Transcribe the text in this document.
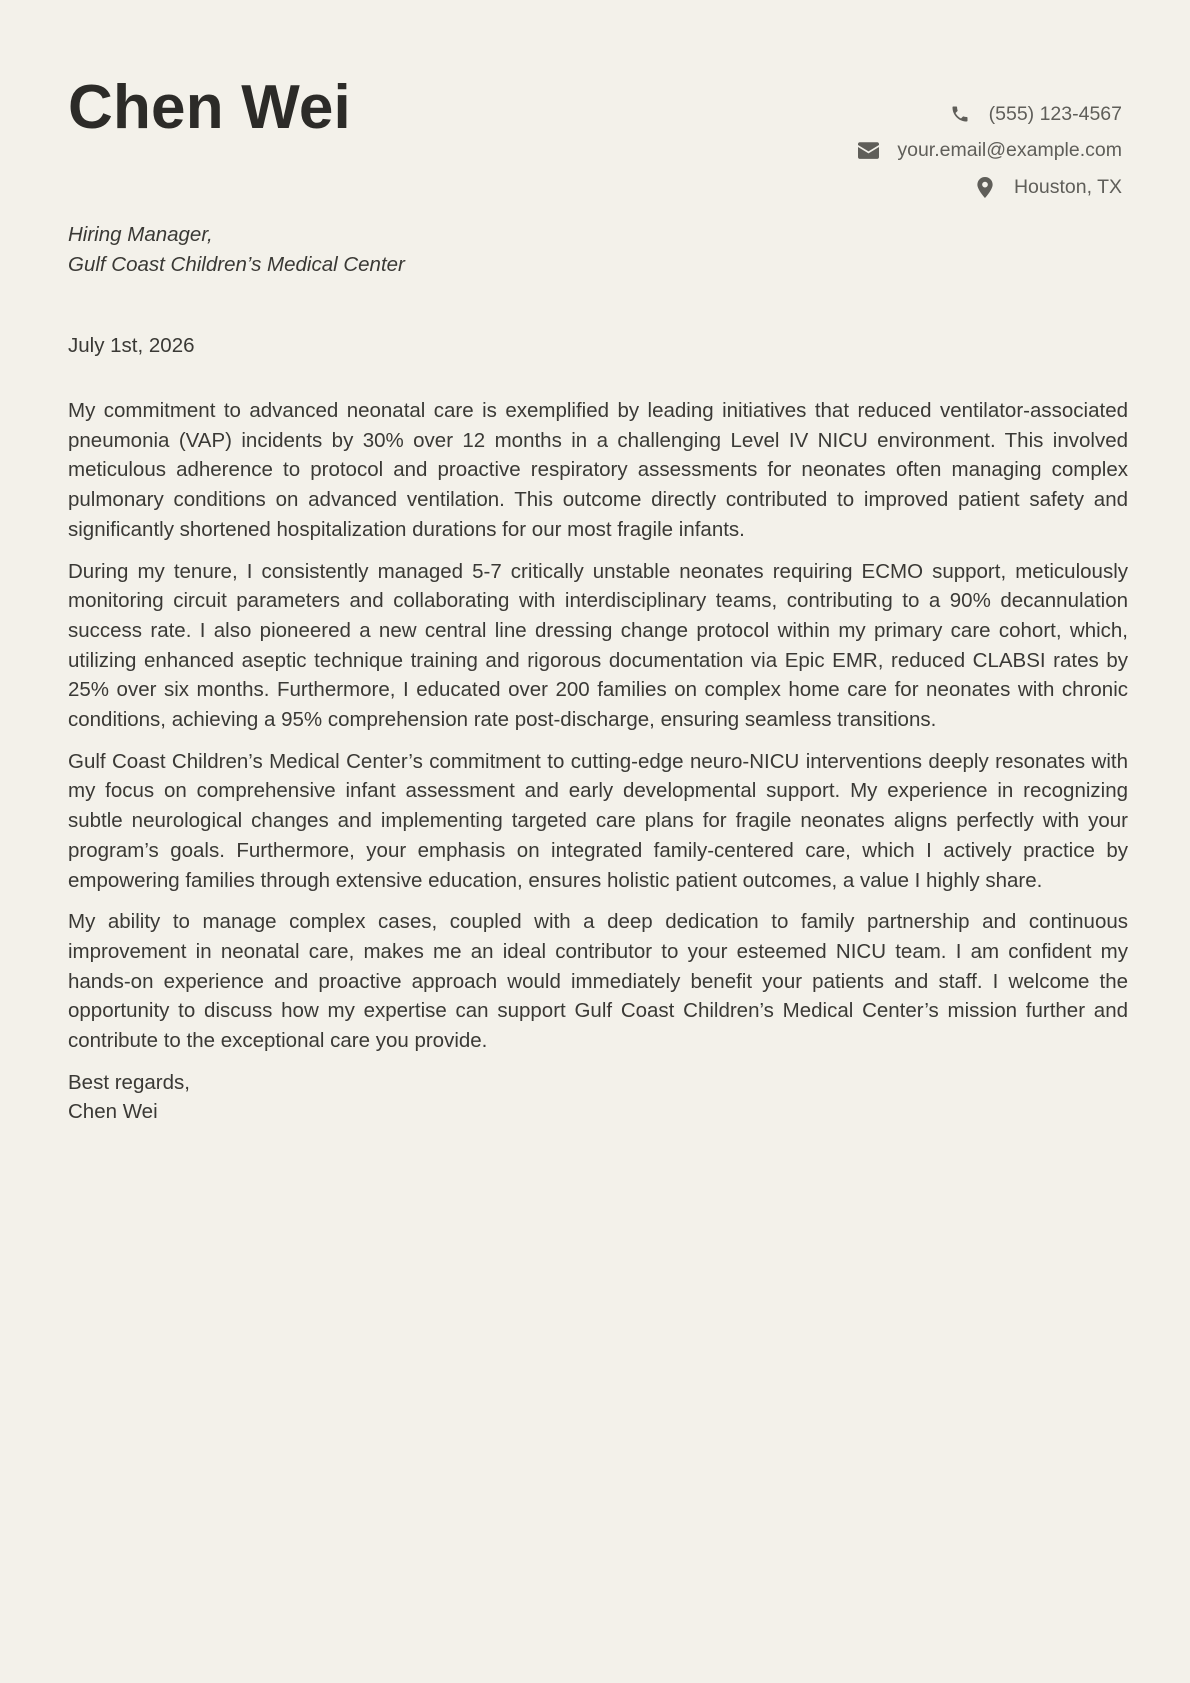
Chen Wei	(555) 123-4567
your.email@example.com
Houston, TX
Hiring Manager,
Gulf Coast Children’s Medical Center
July 1st, 2026

My commitment to advanced neonatal care is exemplified by leading initiatives that reduced ventilator-associated pneumonia (VAP) incidents by 30% over 12 months in a challenging Level IV NICU environment. This involved meticulous adherence to protocol and proactive respiratory assessments for neonates often managing complex pulmonary conditions on advanced ventilation. This outcome directly contributed to improved patient safety and significantly shortened hospitalization durations for our most fragile infants.

During my tenure, I consistently managed 5-7 critically unstable neonates requiring ECMO support, meticulously monitoring circuit parameters and collaborating with interdisciplinary teams, contributing to a 90% decannulation success rate. I also pioneered a new central line dressing change protocol within my primary care cohort, which, utilizing enhanced aseptic technique training and rigorous documentation via Epic EMR, reduced CLABSI rates by 25% over six months. Furthermore, I educated over 200 families on complex home care for neonates with chronic conditions, achieving a 95% comprehension rate post-discharge, ensuring seamless transitions.

Gulf Coast Children’s Medical Center’s commitment to cutting-edge neuro-NICU interventions deeply resonates with my focus on comprehensive infant assessment and early developmental support. My experience in recognizing subtle neurological changes and implementing targeted care plans for fragile neonates aligns perfectly with your program’s goals. Furthermore, your emphasis on integrated family-centered care, which I actively practice by empowering families through extensive education, ensures holistic patient outcomes, a value I highly share.

My ability to manage complex cases, coupled with a deep dedication to family partnership and continuous improvement in neonatal care, makes me an ideal contributor to your esteemed NICU team. I am confident my hands-on experience and proactive approach would immediately benefit your patients and staff. I welcome the opportunity to discuss how my expertise can support Gulf Coast Children’s Medical Center’s mission further and contribute to the exceptional care you provide.

Best regards,
Chen Wei
